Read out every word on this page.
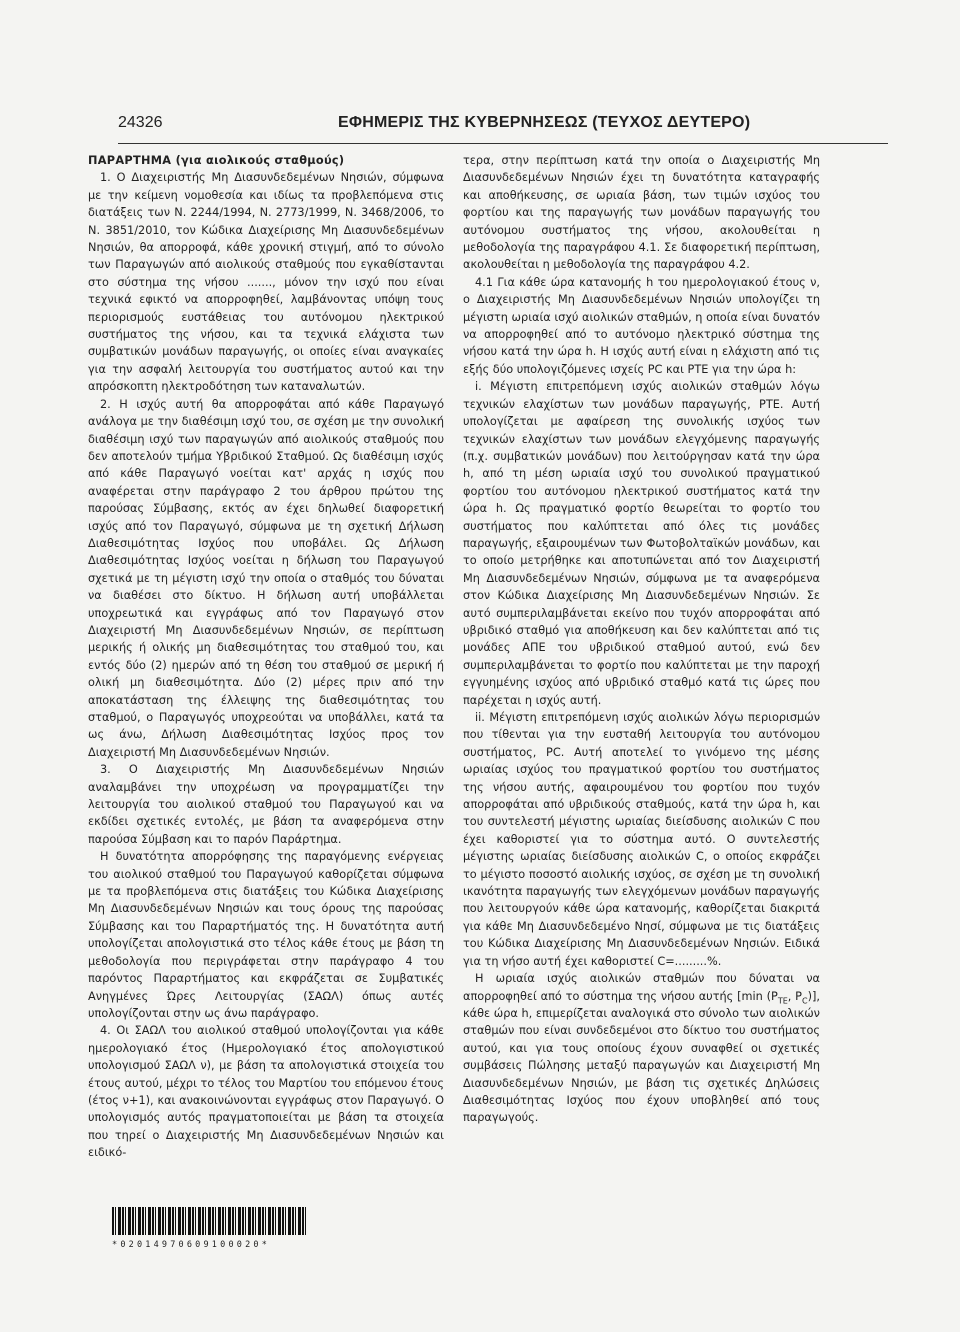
24326	ΕΦΗΜΕΡΙΣ ΤΗΣ ΚΥΒΕΡΝΗΣΕΩΣ (ΤΕΥΧΟΣ ΔΕΥΤΕΡΟ)

ΠΑΡΑΡΤΗΜΑ (για αιολικούς σταθμούς)

1. Ο Διαχειριστής Μη Διασυνδεδεμένων Νησιών, σύμφωνα με την κείμενη νομοθεσία και ιδίως τα προβλεπόμενα στις διατάξεις των Ν. 2244/1994, Ν. 2773/1999, Ν. 3468/2006, το Ν. 3851/2010, τον Κώδικα Διαχείρισης Μη Διασυνδεδεμένων Νησιών, θα απορροφά, κάθε χρονική στιγμή, από το σύνολο των Παραγωγών από αιολικούς σταθμούς που εγκαθίστανται στο σύστημα της νήσου ......., μόνον την ισχύ που είναι τεχνικά εφικτό να απορροφηθεί, λαμβάνοντας υπόψη τους περιορισμούς ευστάθειας του αυτόνομου ηλεκτρικού συστήματος της νήσου, και τα τεχνικά ελάχιστα των συμβατικών μονάδων παραγωγής, οι οποίες είναι αναγκαίες για την ασφαλή λειτουργία του συστήματος αυτού και την απρόσκοπτη ηλεκτροδότηση των καταναλωτών.

2. Η ισχύς αυτή θα απορροφάται από κάθε Παραγωγό ανάλογα με την διαθέσιμη ισχύ του, σε σχέση με την συνολική διαθέσιμη ισχύ των παραγωγών από αιολικούς σταθμούς που δεν αποτελούν τμήμα Υβριδικού Σταθμού. Ως διαθέσιμη ισχύς από κάθε Παραγωγό νοείται κατ' αρχάς η ισχύς που αναφέρεται στην παράγραφο 2 του άρθρου πρώτου της παρούσας Σύμβασης, εκτός αν έχει δηλωθεί διαφορετική ισχύς από τον Παραγωγό, σύμφωνα με τη σχετική Δήλωση Διαθεσιμότητας Ισχύος που υποβάλει. Ως Δήλωση Διαθεσιμότητας Ισχύος νοείται η δήλωση του Παραγωγού σχετικά με τη μέγιστη ισχύ την οποία ο σταθμός του δύναται να διαθέσει στο δίκτυο. Η δήλωση αυτή υποβάλλεται υποχρεωτικά και εγγράφως από τον Παραγωγό στον Διαχειριστή Μη Διασυνδεδεμένων Νησιών, σε περίπτωση μερικής ή ολικής μη διαθεσιμότητας του σταθμού του, και εντός δύο (2) ημερών από τη θέση του σταθμού σε μερική ή ολική μη διαθεσιμότητα. Δύο (2) μέρες πριν από την αποκατάσταση της έλλειψης της διαθεσιμότητας του σταθμού, ο Παραγωγός υποχρεούται να υποβάλλει, κατά τα ως άνω, Δήλωση Διαθεσιμότητας Ισχύος προς τον Διαχειριστή Μη Διασυνδεδεμένων Νησιών.

3. Ο Διαχειριστής Μη Διασυνδεδεμένων Νησιών αναλαμβάνει την υποχρέωση να προγραμματίζει την λειτουργία του αιολικού σταθμού του Παραγωγού και να εκδίδει σχετικές εντολές, με βάση τα αναφερόμενα στην παρούσα Σύμβαση και το παρόν Παράρτημα.

Η δυνατότητα απορρόφησης της παραγόμενης ενέργειας του αιολικού σταθμού του Παραγωγού καθορίζεται σύμφωνα με τα προβλεπόμενα στις διατάξεις του Κώδικα Διαχείρισης Μη Διασυνδεδεμένων Νησιών και τους όρους της παρούσας Σύμβασης και του Παραρτήματός της. Η δυνατότητα αυτή υπολογίζεται απολογιστικά στο τέλος κάθε έτους με βάση τη μεθοδολογία που περιγράφεται στην παράγραφο 4 του παρόντος Παραρτήματος και εκφράζεται σε Συμβατικές Ανηγμένες Ώρες Λειτουργίας (ΣΑΩΛ) όπως αυτές υπολογίζονται στην ως άνω παράγραφο.

4. Οι ΣΑΩΛ του αιολικού σταθμού υπολογίζονται για κάθε ημερολογιακό έτος (Ημερολογιακό έτος απολογιστικού υπολογισμού ΣΑΩΛ ν), με βάση τα απολογιστικά στοιχεία του έτους αυτού, μέχρι το τέλος του Μαρτίου του επόμενου έτους (έτος ν+1), και ανακοινώνονται εγγράφως στον Παραγωγό. Ο υπολογισμός αυτός πραγματοποιείται με βάση τα στοιχεία που τηρεί ο Διαχειριστής Μη Διασυνδεδεμένων Νησιών και ειδικό-

τερα, στην περίπτωση κατά την οποία ο Διαχειριστής Μη Διασυνδεδεμένων Νησιών έχει τη δυνατότητα καταγραφής και αποθήκευσης, σε ωριαία βάση, των τιμών ισχύος του φορτίου και της παραγωγής των μονάδων παραγωγής του αυτόνομου συστήματος της νήσου, ακολουθείται η μεθοδολογία της παραγράφου 4.1. Σε διαφορετική περίπτωση, ακολουθείται η μεθοδολογία της παραγράφου 4.2.

4.1 Για κάθε ώρα κατανομής h του ημερολογιακού έτους ν, ο Διαχειριστής Μη Διασυνδεδεμένων Νησιών υπολογίζει τη μέγιστη ωριαία ισχύ αιολικών σταθμών, η οποία είναι δυνατόν να απορροφηθεί από το αυτόνομο ηλεκτρικό σύστημα της νήσου κατά την ώρα h. Η ισχύς αυτή είναι η ελάχιστη από τις εξής δύο υπολογιζόμενες ισχείς PC και PTE για την ώρα h:

i. Μέγιστη επιτρεπόμενη ισχύς αιολικών σταθμών λόγω τεχνικών ελαχίστων των μονάδων παραγωγής, PTE. Αυτή υπολογίζεται με αφαίρεση της συνολικής ισχύος των τεχνικών ελαχίστων των μονάδων ελεγχόμενης παραγωγής (π.χ. συμβατικών μονάδων) που λειτούργησαν κατά την ώρα h, από τη μέση ωριαία ισχύ του συνολικού πραγματικού φορτίου του αυτόνομου ηλεκτρικού συστήματος κατά την ώρα h. Ως πραγματικό φορτίο θεωρείται το φορτίο του συστήματος που καλύπτεται από όλες τις μονάδες παραγωγής, εξαιρουμένων των Φωτοβολταϊκών μονάδων, και το οποίο μετρήθηκε και αποτυπώνεται από τον Διαχειριστή Μη Διασυνδεδεμένων Νησιών, σύμφωνα με τα αναφερόμενα στον Κώδικα Διαχείρισης Μη Διασυνδεδεμένων Νησιών. Σε αυτό συμπεριλαμβάνεται εκείνο που τυχόν απορροφάται από υβριδικό σταθμό για αποθήκευση και δεν καλύπτεται από τις μονάδες ΑΠΕ του υβριδικού σταθμού αυτού, ενώ δεν συμπεριλαμβάνεται το φορτίο που καλύπτεται με την παροχή εγγυημένης ισχύος από υβριδικό σταθμό κατά τις ώρες που παρέχεται η ισχύς αυτή.

ii. Μέγιστη επιτρεπόμενη ισχύς αιολικών λόγω περιορισμών που τίθενται για την ευσταθή λειτουργία του αυτόνομου συστήματος, PC. Αυτή αποτελεί το γινόμενο της μέσης ωριαίας ισχύος του πραγματικού φορτίου του συστήματος της νήσου αυτής, αφαιρουμένου του φορτίου που τυχόν απορροφάται από υβριδικούς σταθμούς, κατά την ώρα h, και του συντελεστή μέγιστης ωριαίας διείσδυσης αιολικών C που έχει καθοριστεί για το σύστημα αυτό. Ο συντελεστής μέγιστης ωριαίας διείσδυσης αιολικών C, ο οποίος εκφράζει το μέγιστο ποσοστό αιολικής ισχύος, σε σχέση με τη συνολική ικανότητα παραγωγής των ελεγχόμενων μονάδων παραγωγής που λειτουργούν κάθε ώρα κατανομής, καθορίζεται διακριτά για κάθε Μη Διασυνδεδεμένο Νησί, σύμφωνα με τις διατάξεις του Κώδικα Διαχείρισης Μη Διασυνδεδεμένων Νησιών. Ειδικά για τη νήσο αυτή έχει καθοριστεί C=.........%.

Η ωριαία ισχύς αιολικών σταθμών που δύναται να απορροφηθεί από το σύστημα της νήσου αυτής [min ($P_{TE}$, $P_C$)], κάθε ώρα h, επιμερίζεται αναλογικά στο σύνολο των αιολικών σταθμών που είναι συνδεδεμένοι στο δίκτυο του συστήματος αυτού, και για τους οποίους έχουν συναφθεί οι σχετικές συμβάσεις Πώλησης μεταξύ παραγωγών και Διαχειριστή Μη Διασυνδεδεμένων Νησιών, με βάση τις σχετικές Δηλώσεις Διαθεσιμότητας Ισχύος που έχουν υποβληθεί από τους παραγωγούς.

*02014970609100020*
